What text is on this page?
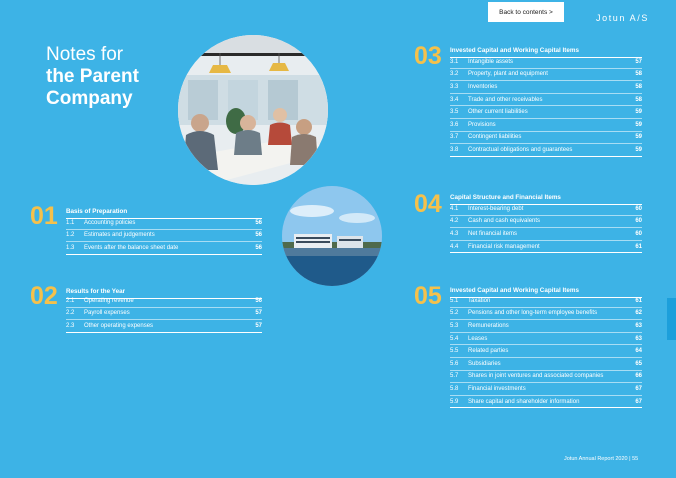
Back to contents >
Jotun A/S
Notes for
the Parent
Company
01 Basis of Preparation
1.1	Accounting policies	56
1.2	Estimates and judgements	56
1.3	Events after the balance sheet date	56
02 Results for the Year
2.1	Operating revenue	56
2.2	Payroll expenses	57
2.3	Other operating expenses	57
03 Invested Capital and Working Capital Items
3.1	Intangible assets	57
3.2	Property, plant and equipment	58
3.3	Inventories	58
3.4	Trade and other receivables	58
3.5	Other current liabilities	59
3.6	Provisions	59
3.7	Contingent liabilities	59
3.8	Contractual obligations and guarantees	59
04 Capital Structure and Financial Items
4.1	Interest-bearing debt	60
4.2	Cash and cash equivalents	60
4.3	Net financial items	60
4.4	Financial risk management	61
05 Invested Capital and Working Capital Items
5.1	Taxation	61
5.2	Pensions and other long-term employee benefits	62
5.3	Remunerations	63
5.4	Leases	63
5.5	Related parties	64
5.6	Subsidiaries	65
5.7	Shares in joint ventures and associated companies	66
5.8	Financial investments	67
5.9	Share capital and shareholder information	67
Jotun Annual Report 2020 | 55
